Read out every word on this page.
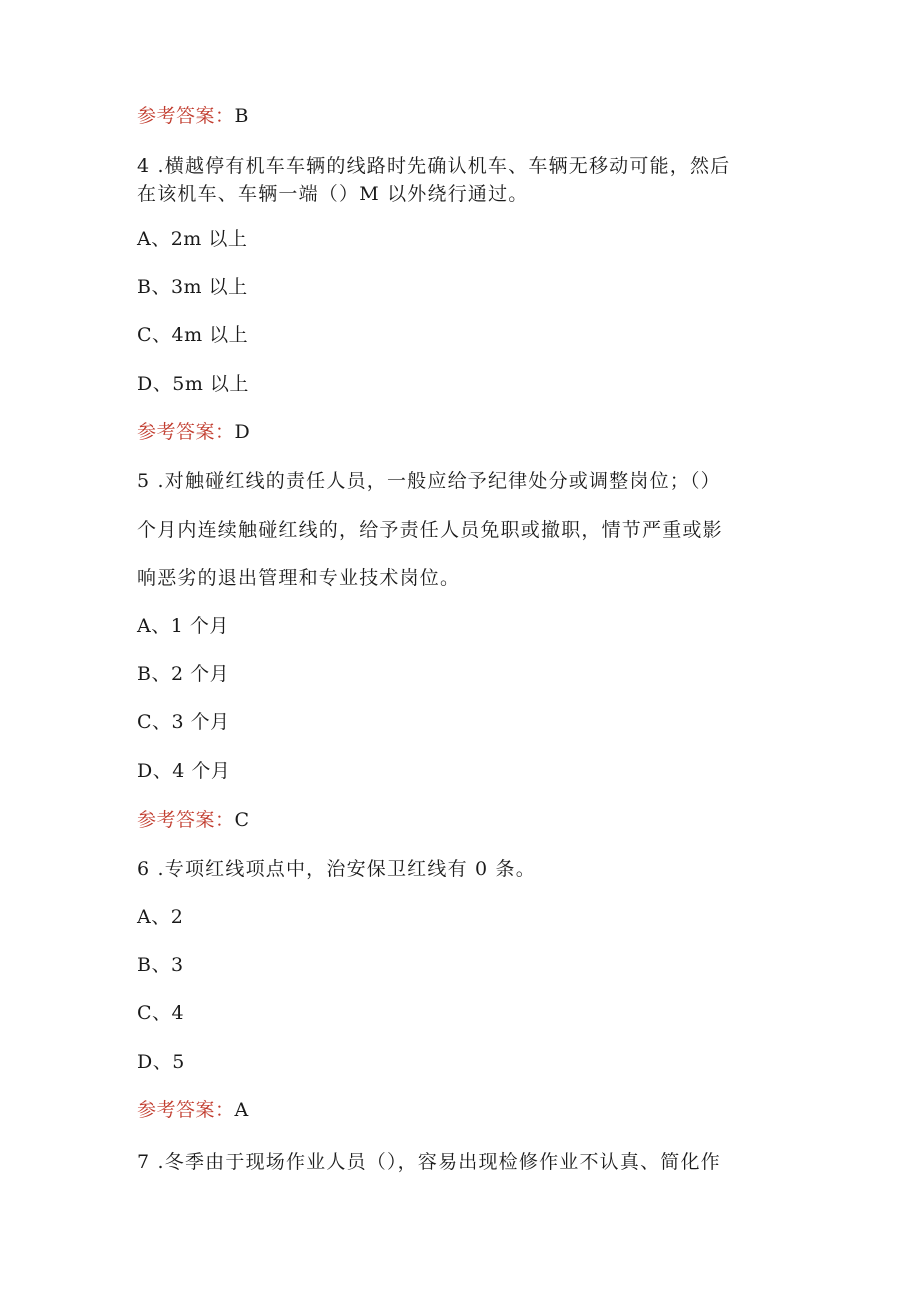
参考答案：B
4 .横越停有机车车辆的线路时先确认机车、车辆无移动可能，然后
在该机车、车辆一端（）M 以外绕行通过。
A、2m 以上
B、3m 以上
C、4m 以上
D、5m 以上
参考答案：D
5 .对触碰红线的责任人员，一般应给予纪律处分或调整岗位；（）
个月内连续触碰红线的，给予责任人员免职或撤职，情节严重或影
响恶劣的退出管理和专业技术岗位。
A、1 个月
B、2 个月
C、3 个月
D、4 个月
参考答案：C
6 .专项红线项点中，治安保卫红线有 0 条。
A、2
B、3
C、4
D、5
参考答案：A
7 .冬季由于现场作业人员（），容易出现检修作业不认真、简化作
